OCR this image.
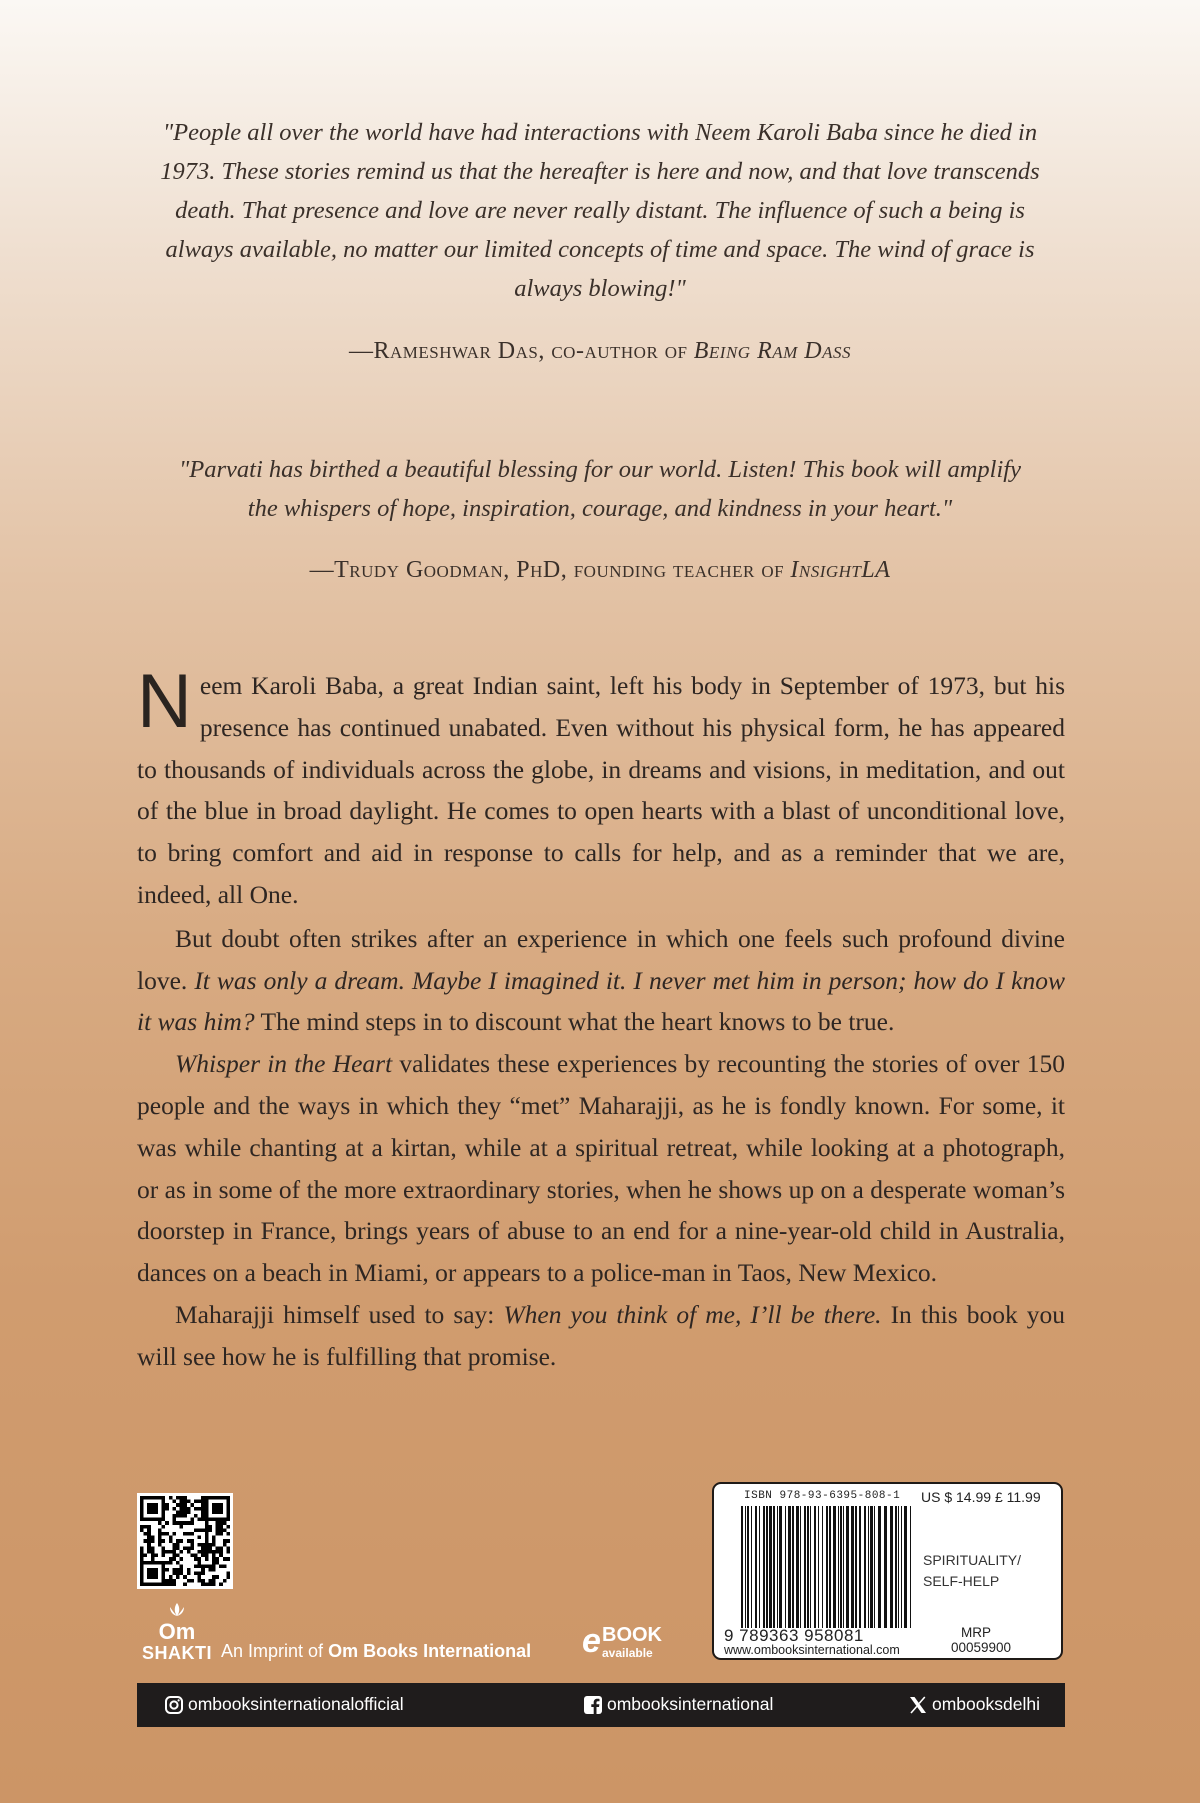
"People all over the world have had interactions with Neem Karoli Baba since he died in 1973. These stories remind us that the hereafter is here and now, and that love transcends death. That presence and love are never really distant. The influence of such a being is always available, no matter our limited concepts of time and space. The wind of grace is always blowing!"
—Rameshwar Das, co-author of Being Ram Dass
"Parvati has birthed a beautiful blessing for our world. Listen! This book will amplify the whispers of hope, inspiration, courage, and kindness in your heart."
—Trudy Goodman, PhD, founding teacher of InsightLA

Neem Karoli Baba, a great Indian saint, left his body in September of 1973, but his presence has continued unabated. Even without his physical form, he has appeared to thousands of individuals across the globe, in dreams and visions, in meditation, and out of the blue in broad daylight. He comes to open hearts with a blast of unconditional love, to bring comfort and aid in response to calls for help, and as a reminder that we are, indeed, all One.

But doubt often strikes after an experience in which one feels such profound divine love. It was only a dream. Maybe I imagined it. I never met him in person; how do I know it was him? The mind steps in to discount what the heart knows to be true.

Whisper in the Heart validates these experiences by recounting the stories of over 150 people and the ways in which they “met” Maharajji, as he is fondly known. For some, it was while chanting at a kirtan, while at a spiritual retreat, while looking at a photograph, or as in some of the more extraordinary stories, when he shows up on a desperate woman’s doorstep in France, brings years of abuse to an end for a nine-year-old child in Australia, dances on a beach in Miami, or appears to a police-man in Taos, New Mexico.

Maharajji himself used to say: When you think of me, I’ll be there. In this book you will see how he is fulfilling that promise.

Om
SHAKTI An Imprint of Om Books International e BOOK
available
ISBN 978-93-6395-808-1 US $ 14.99 £ 11.99
9 789363 958081
www.ombooksinternational.com
SPIRITUALITY/
SELF-HELP
MRP
00059900
ombooksinternationalofficial	ombooksinternational	ombooksdelhi
